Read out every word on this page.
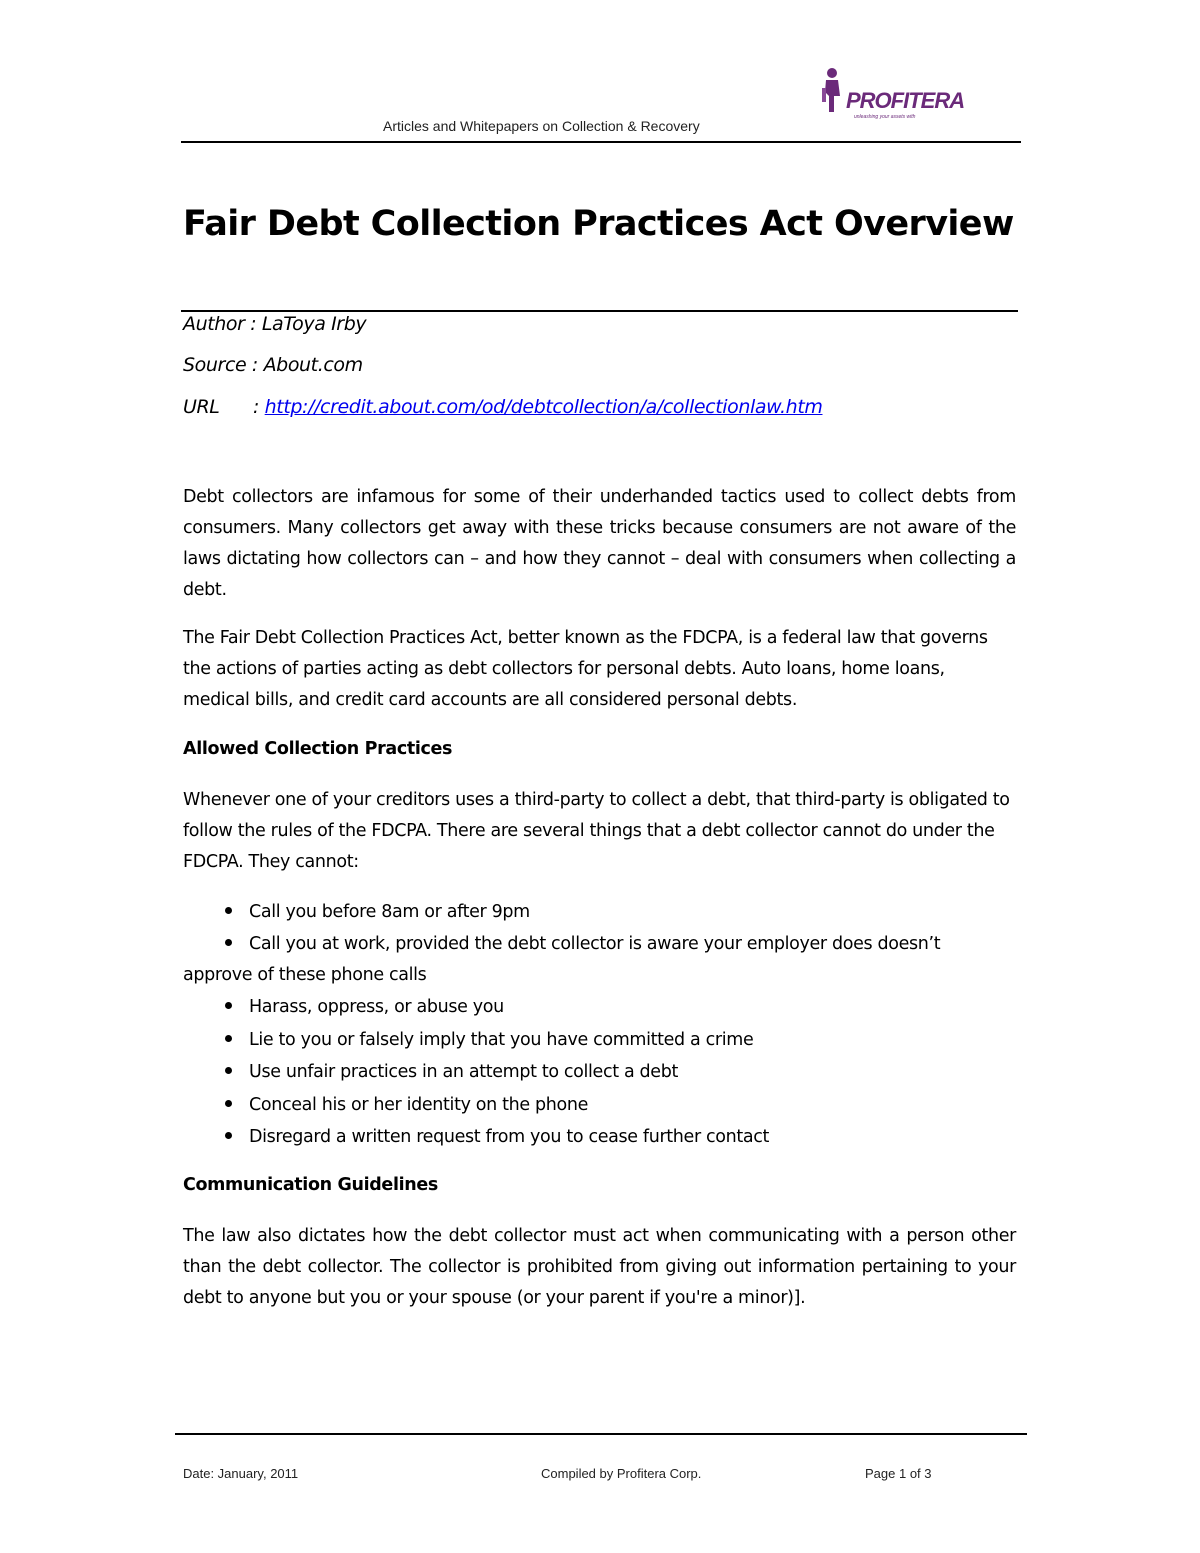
Articles and Whitepapers on Collection & Recovery
PROFITERA
unleashing your assets with
Fair Debt Collection Practices Act Overview
Author : LaToya Irby
Source : About.com
URL : http://credit.about.com/od/debtcollection/a/collectionlaw.htm

Debt collectors are infamous for some of their underhanded tactics used to collect debts from consumers. Many collectors get away with these tricks because consumers are not aware of the laws dictating how collectors can – and how they cannot – deal with consumers when collecting a debt.

The Fair Debt Collection Practices Act, better known as the FDCPA, is a federal law that governs the actions of parties acting as debt collectors for personal debts. Auto loans, home loans, medical bills, and credit card accounts are all considered personal debts.

Allowed Collection Practices

Whenever one of your creditors uses a third-party to collect a debt, that third-party is obligated to follow the rules of the FDCPA. There are several things that a debt collector cannot do under the FDCPA. They cannot:

Call you before 8am or after 9pm
Call you at work, provided the debt collector is aware your employer does doesn’t
approve of these phone calls
Harass, oppress, or abuse you
Lie to you or falsely imply that you have committed a crime
Use unfair practices in an attempt to collect a debt
Conceal his or her identity on the phone
Disregard a written request from you to cease further contact
Communication Guidelines

The law also dictates how the debt collector must act when communicating with a person other than the debt collector. The collector is prohibited from giving out information pertaining to your debt to anyone but you or your spouse (or your parent if you're a minor)].

Date: January, 2011	Compiled by Profitera Corp.	Page 1 of 3
